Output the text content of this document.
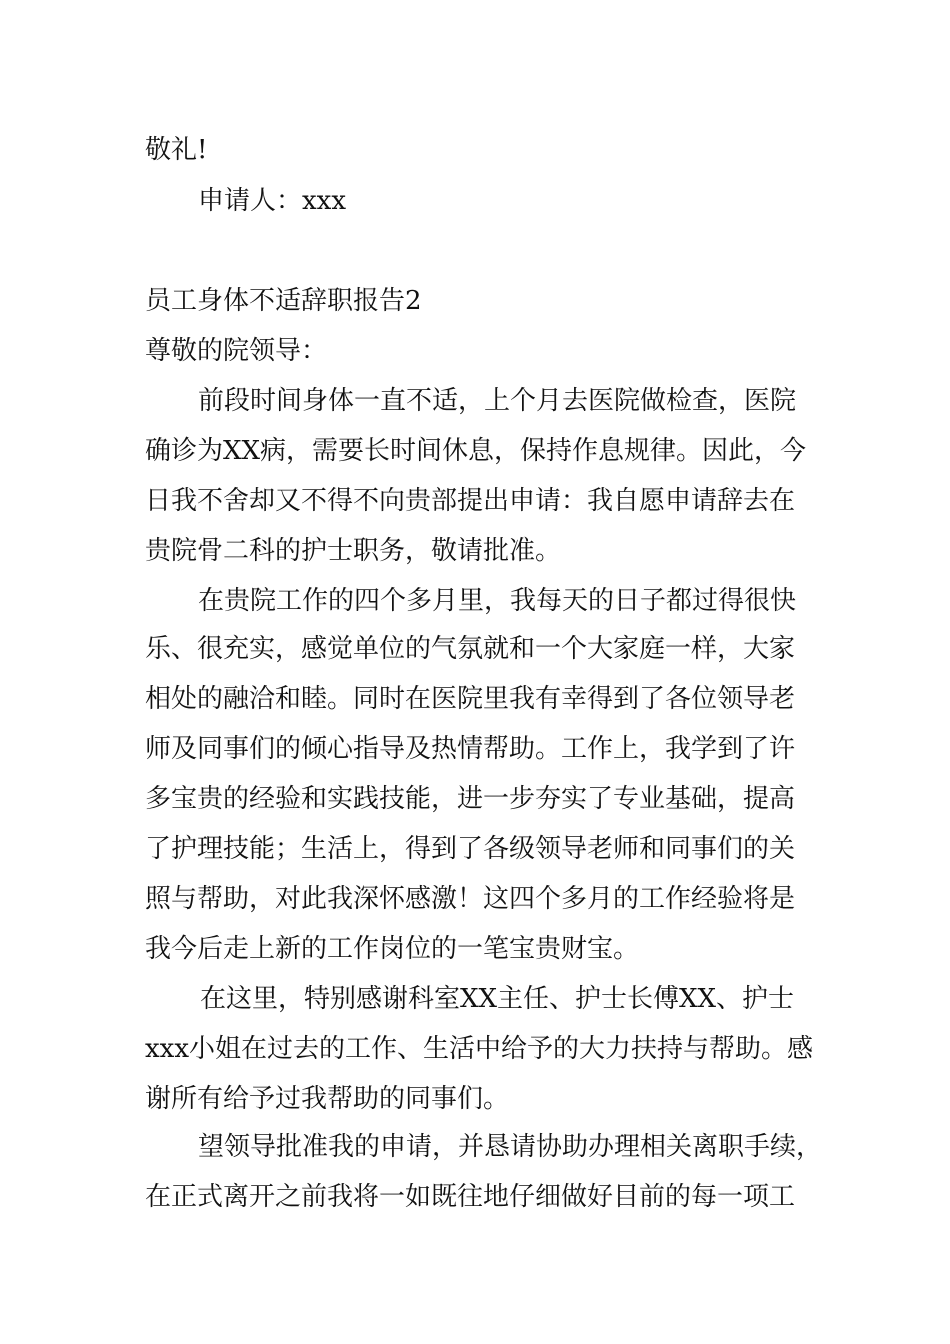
敬礼!
申请人：xxx
员工身体不适辞职报告2
尊敬的院领导：
前段时间身体一直不适，上个月去医院做检查，医院
确诊为XX病，需要长时间休息，保持作息规律。因此，今
日我不舍却又不得不向贵部提出申请：我自愿申请辞去在
贵院骨二科的护士职务，敬请批准。
在贵院工作的四个多月里，我每天的日子都过得很快
乐、很充实，感觉单位的气氛就和一个大家庭一样，大家
相处的融洽和睦。同时在医院里我有幸得到了各位领导老
师及同事们的倾心指导及热情帮助。工作上，我学到了许
多宝贵的经验和实践技能，进一步夯实了专业基础，提高
了护理技能；生活上，得到了各级领导老师和同事们的关
照与帮助，对此我深怀感激！这四个多月的工作经验将是
我今后走上新的工作岗位的一笔宝贵财宝。
在这里，特别感谢科室XX主任、护士长傅XX、护士
xxx小姐在过去的工作、生活中给予的大力扶持与帮助。感
谢所有给予过我帮助的同事们。
望领导批准我的申请，并恳请协助办理相关离职手续，
在正式离开之前我将一如既往地仔细做好目前的每一项工
